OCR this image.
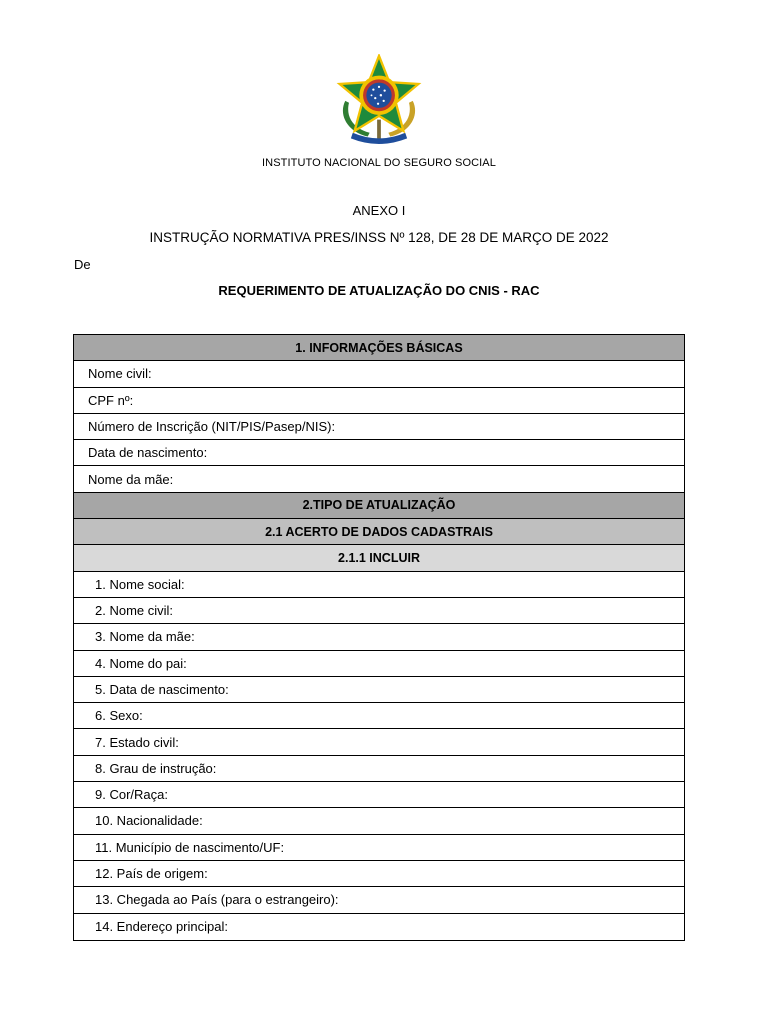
INSTITUTO NACIONAL DO SEGURO SOCIAL
ANEXO I
INSTRUÇÃO NORMATIVA PRES/INSS Nº 128, DE 28 DE MARÇO DE 2022
De
REQUERIMENTO DE ATUALIZAÇÃO DO CNIS - RAC
1. INFORMAÇÕES BÁSICAS
Nome civil:
CPF nº:
Número de Inscrição (NIT/PIS/Pasep/NIS):
Data de nascimento:
Nome da mãe:
2.TIPO DE ATUALIZAÇÃO
2.1 ACERTO DE DADOS CADASTRAIS
2.1.1 INCLUIR
1. Nome social:
2. Nome civil:
3. Nome da mãe:
4. Nome do pai:
5. Data de nascimento:
6. Sexo:
7. Estado civil:
8. Grau de instrução:
9. Cor/Raça:
10. Nacionalidade:
11. Município de nascimento/UF:
12. País de origem:
13. Chegada ao País (para o estrangeiro):
14. Endereço principal:
